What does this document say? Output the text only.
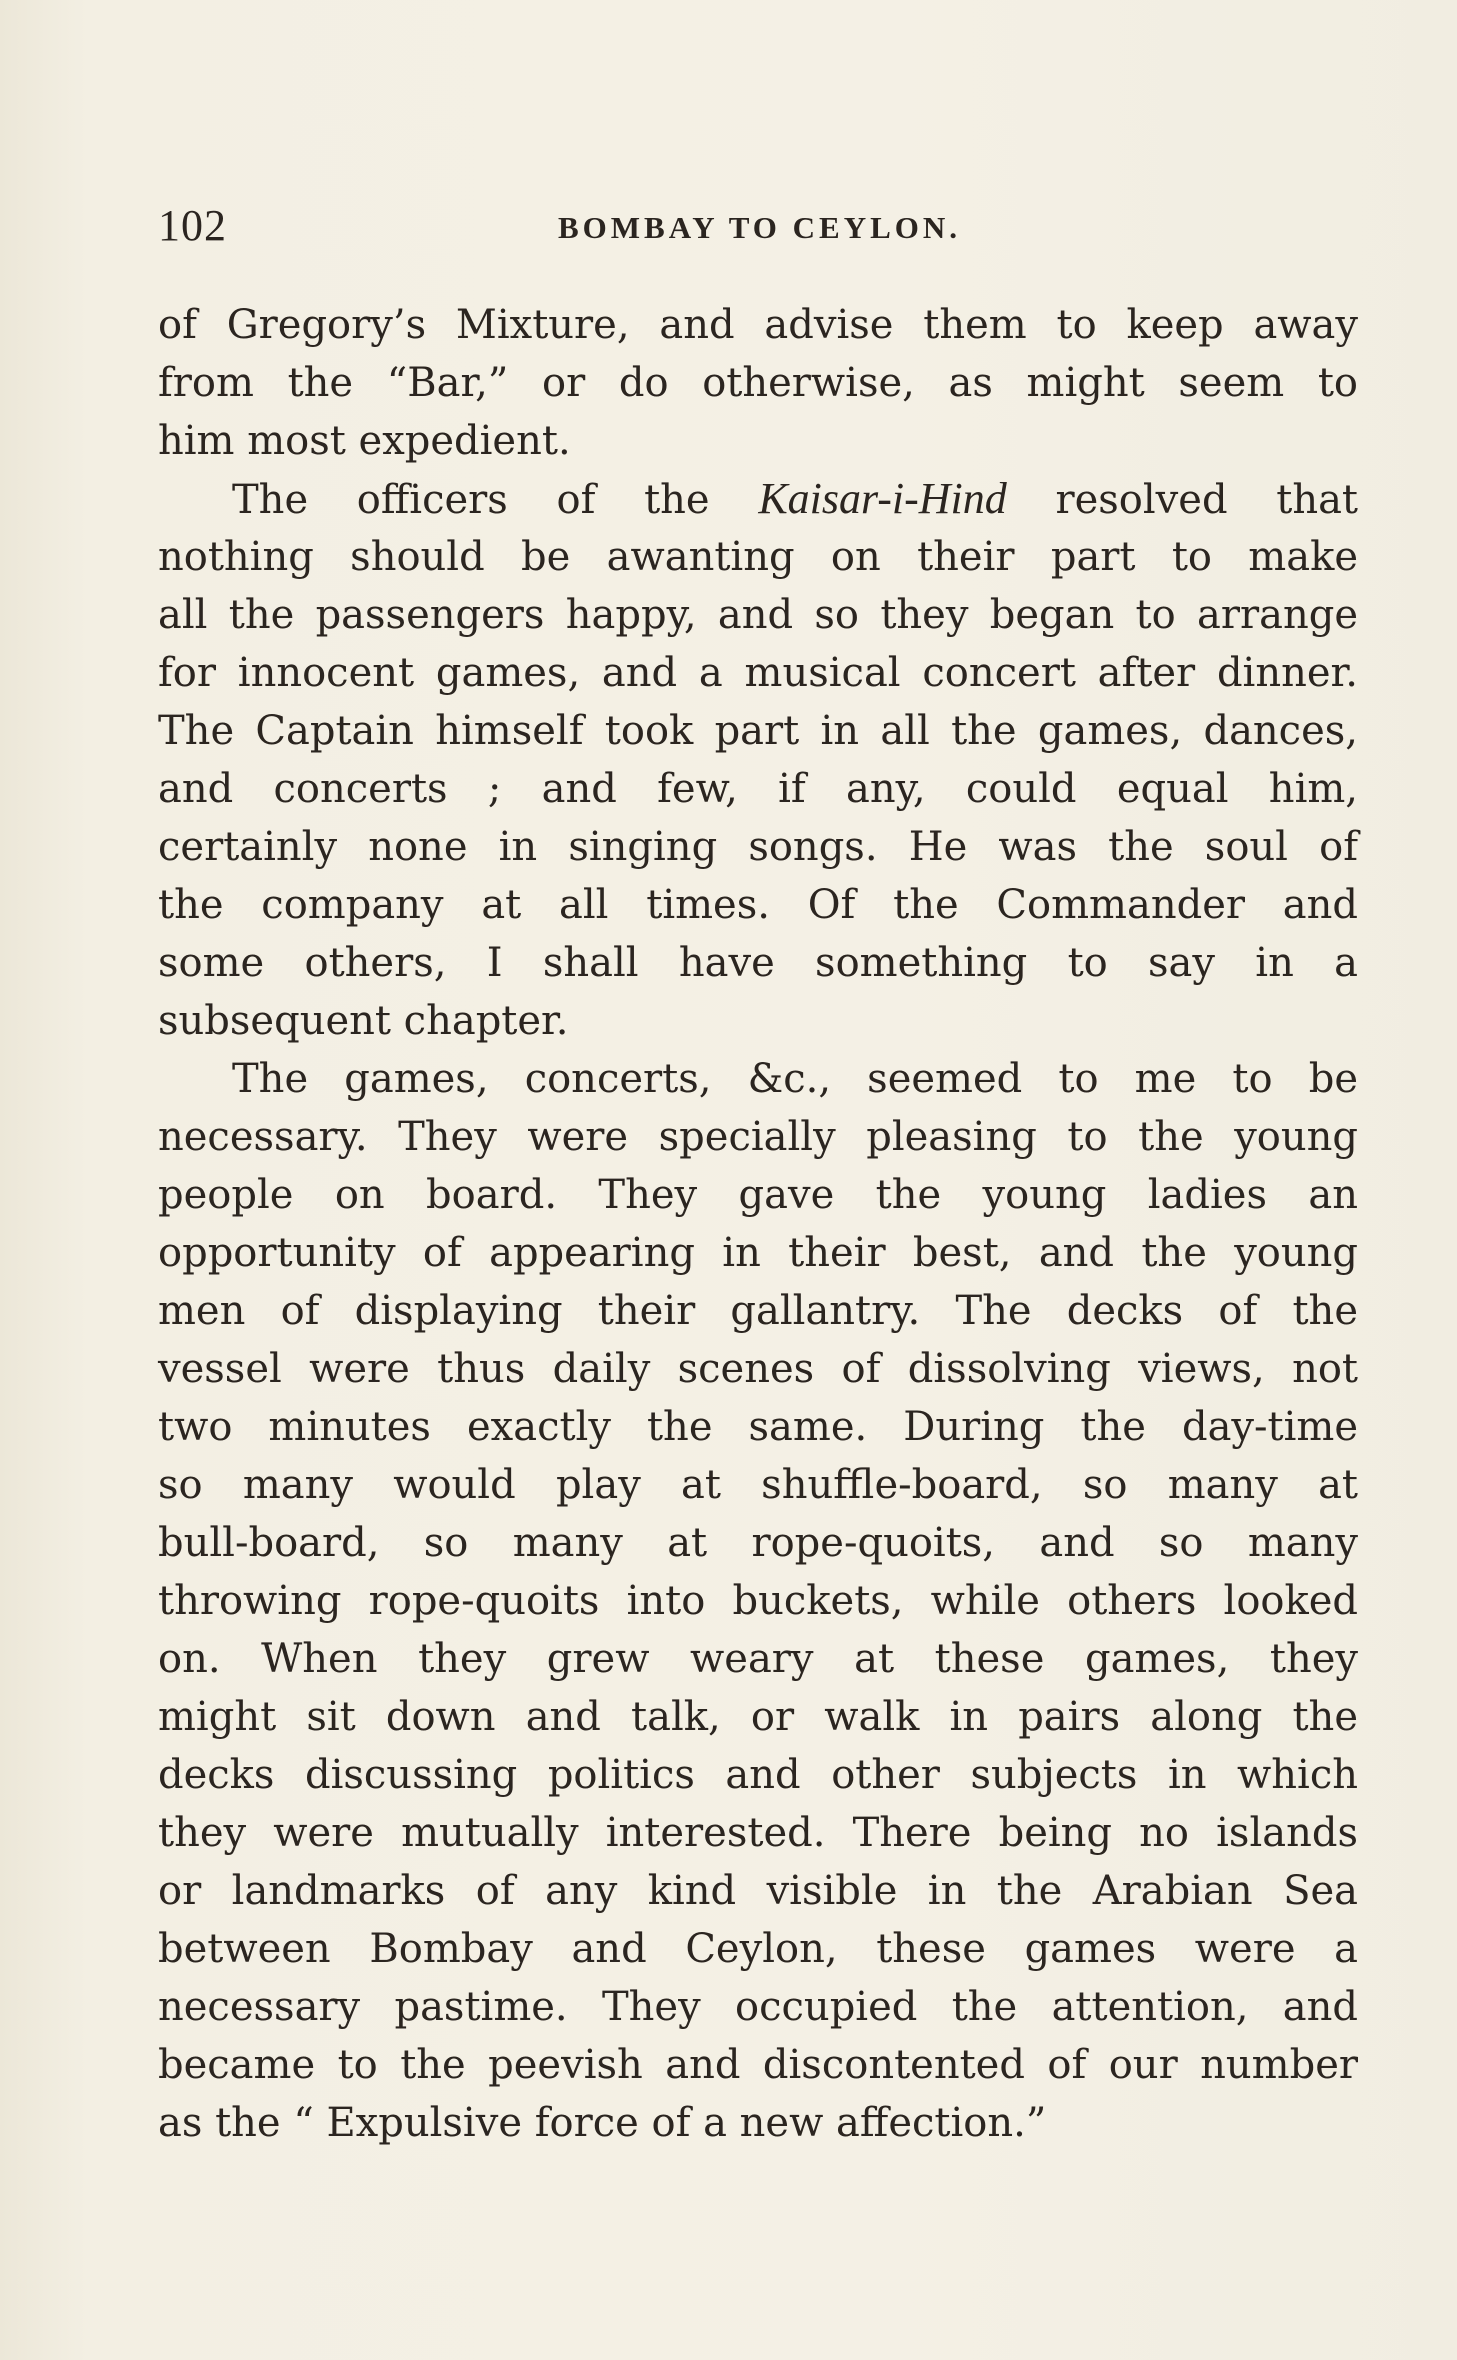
102	BOMBAY TO CEYLON.
of Gregory’s Mixture, and advise them to keep away
from the “Bar,” or do otherwise, as might seem to
him most expedient.
The officers of the Kaisar-i-Hind resolved that
nothing should be awanting on their part to make
all the passengers happy, and so they began to arrange
for innocent games, and a musical concert after dinner.
The Captain himself took part in all the games, dances,
and concerts ; and few, if any, could equal him,
certainly none in singing songs. He was the soul of
the company at all times. Of the Commander and
some others, I shall have something to say in a
subsequent chapter.
The games, concerts, &c., seemed to me to be
necessary. They were specially pleasing to the young
people on board. They gave the young ladies an
opportunity of appearing in their best, and the young
men of displaying their gallantry. The decks of the
vessel were thus daily scenes of dissolving views, not
two minutes exactly the same. During the day-time
so many would play at shuffle-board, so many at
bull-board, so many at rope-quoits, and so many
throwing rope-quoits into buckets, while others looked
on. When they grew weary at these games, they
might sit down and talk, or walk in pairs along the
decks discussing politics and other subjects in which
they were mutually interested. There being no islands
or landmarks of any kind visible in the Arabian Sea
between Bombay and Ceylon, these games were a
necessary pastime. They occupied the attention, and
became to the peevish and discontented of our number
as the “ Expulsive force of a new affection.”
